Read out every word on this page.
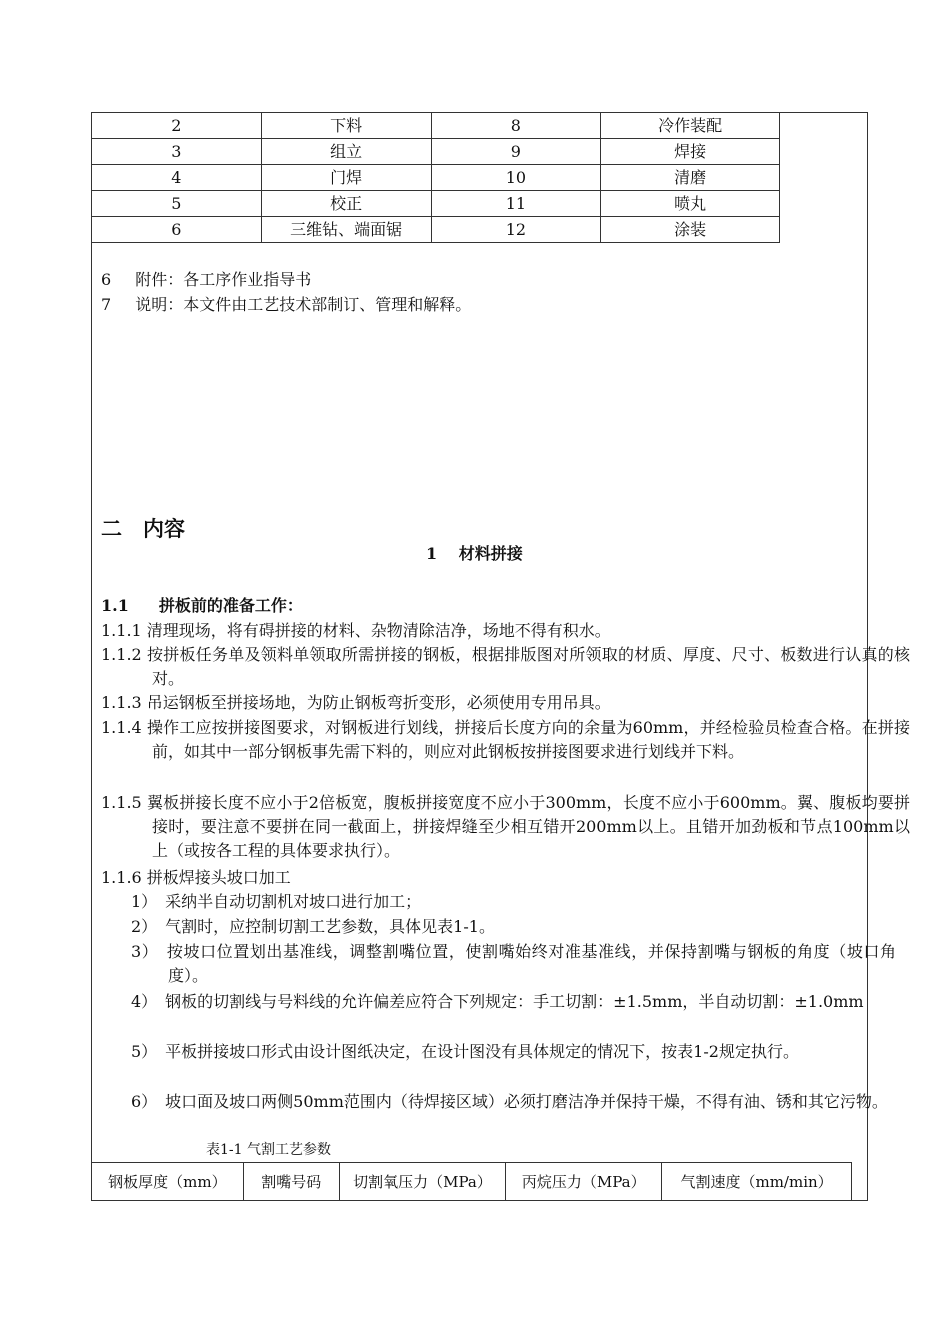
2	下料	8	冷作装配
3	组立	9	焊接
4	门焊	10	清磨
5	校正	11	喷丸
6	三维钻、端面锯	12	涂装
6 附件：各工序作业指导书
7 说明：本文件由工艺技术部制订、管理和解释。
二　内容
1　 材料拼接
1.1 拼板前的准备工作：
1.1.1 清理现场，将有碍拼接的材料、杂物清除洁净，场地不得有积水。
1.1.2 按拼板任务单及领料单领取所需拼接的钢板，根据排版图对所领取的材质、厚度、尺寸、板数进行认真的核对。
1.1.3 吊运钢板至拼接场地，为防止钢板弯折变形，必须使用专用吊具。
1.1.4 操作工应按拼接图要求，对钢板进行划线，拼接后长度方向的余量为60mm，并经检验员检查合格。在拼接前，如其中一部分钢板事先需下料的，则应对此钢板按拼接图要求进行划线并下料。
1.1.5 翼板拼接长度不应小于2倍板宽，腹板拼接宽度不应小于300mm，长度不应小于600mm。翼、腹板均要拼接时，要注意不要拼在同一截面上，拼接焊缝至少相互错开200mm以上。且错开加劲板和节点100mm以上（或按各工程的具体要求执行）。
1.1.6 拼板焊接头坡口加工
1）　采纳半自动切割机对坡口进行加工；
2）　气割时，应控制切割工艺参数，具体见表1-1。
3）　按坡口位置划出基准线，调整割嘴位置，使割嘴始终对准基准线，并保持割嘴与钢板的角度（坡口角度）。
4）　钢板的切割线与号料线的允许偏差应符合下列规定：手工切割：±1.5mm，半自动切割：±1.0mm
5）　平板拼接坡口形式由设计图纸决定，在设计图没有具体规定的情况下，按表1-2规定执行。
6）　坡口面及坡口两侧50mm范围内（待焊接区域）必须打磨洁净并保持干燥，不得有油、锈和其它污物。
表1-1 气割工艺参数
钢板厚度（mm）	割嘴号码	切割氧压力（MPa）	丙烷压力（MPa）	气割速度（mm/min）
